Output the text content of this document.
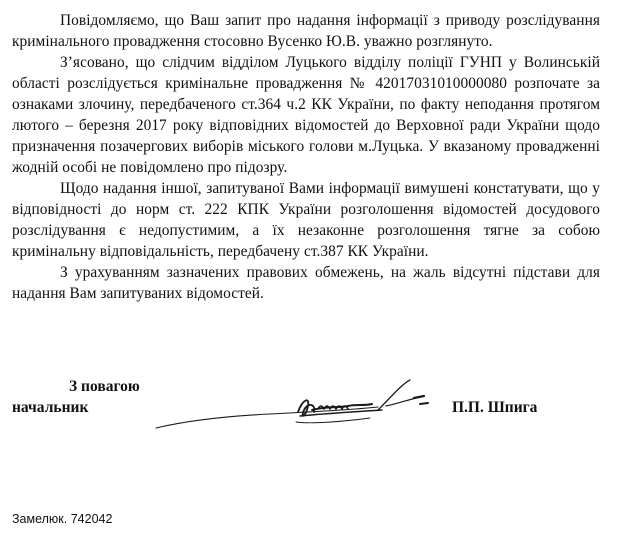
Повідомляємо, що Ваш запит про надання інформації з приводу розслідування кримінального провадження стосовно Вусенко Ю.В. уважно розглянуто.

З’ясовано, що слідчим відділом Луцького відділу поліції ГУНП у Волинській області розслідується кримінальне провадження № 42017031010000080 розпочате за ознаками злочину, передбаченого ст.364 ч.2 КК України, по факту неподання протягом лютого – березня 2017 року відповідних відомостей до Верховної ради України щодо призначення позачергових виборів міського голови м.Луцька. У вказаному провадженні жодній особі не повідомлено про підозру.

Щодо надання іншої, запитуваної Вами інформації вимушені констатувати, що у відповідності до норм ст. 222 КПК України розголошення відомостей досудового розслідування є недопустимим, а їх незаконне розголошення тягне за собою кримінальну відповідальність, передбачену ст.387 КК України.

З урахуванням зазначених правових обмежень, на жаль відсутні підстави для надання Вам запитуваних відомостей.

З повагою
начальник	П.П. Шпига
Замелюк. 742042
